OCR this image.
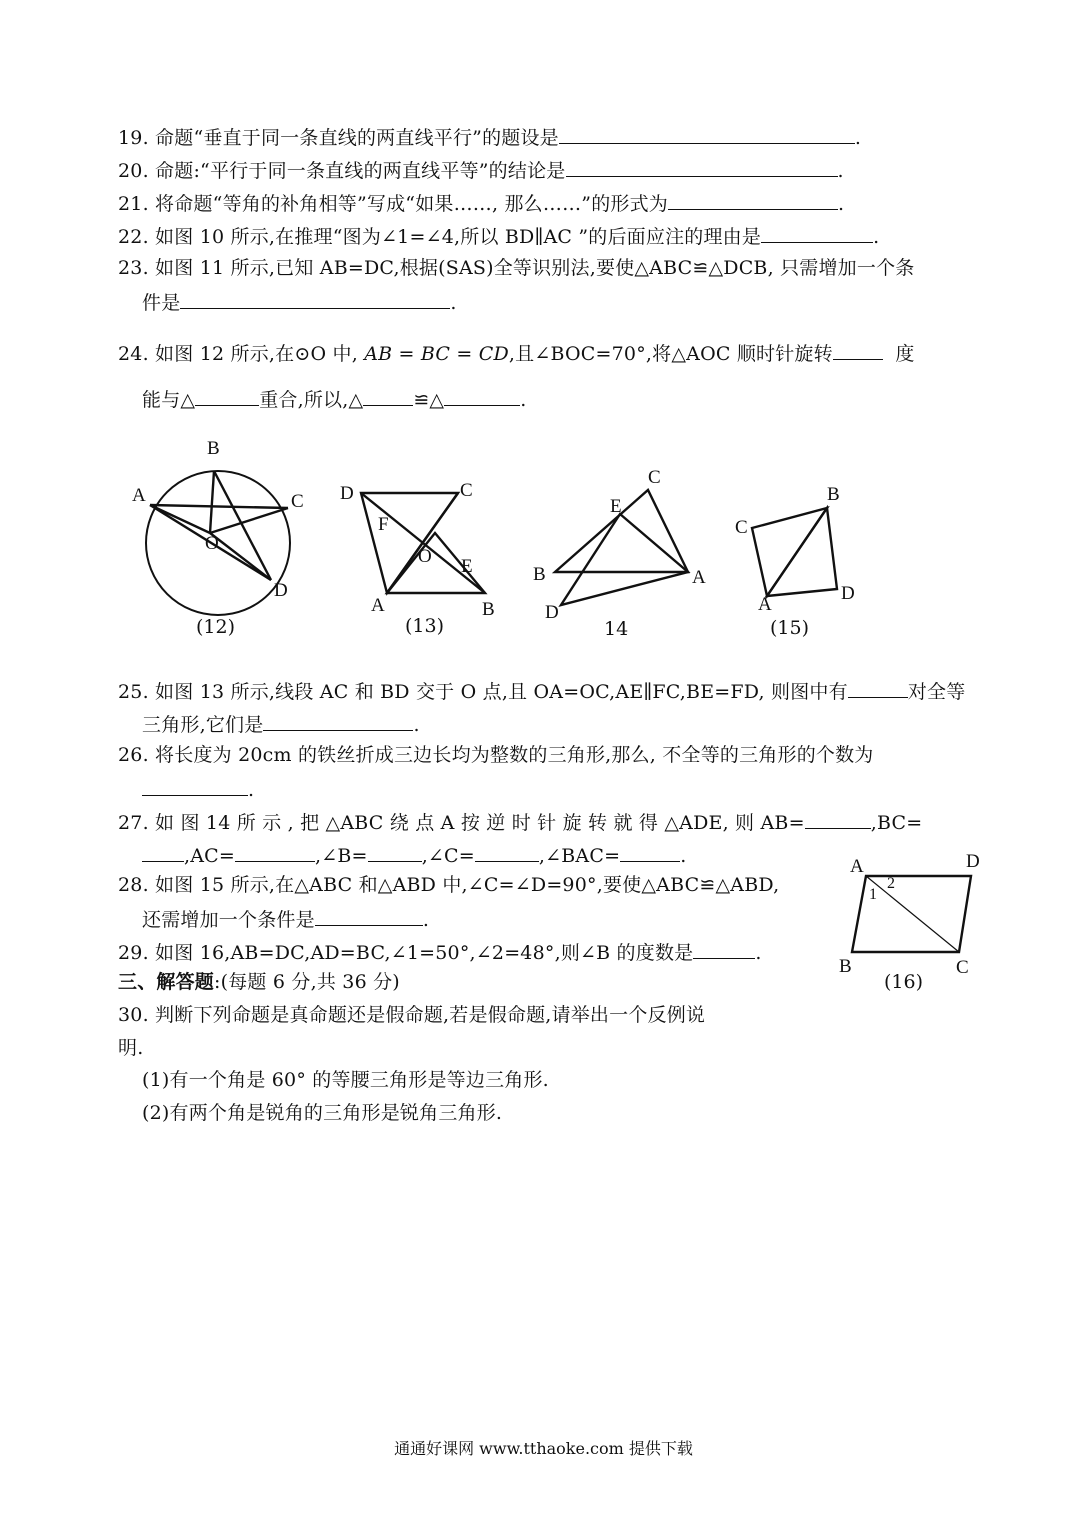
19. 命题“垂直于同一条直线的两直线平行”的题设是	.
20. 命题:“平行于同一条直线的两直线平等”的结论是	.
21. 将命题“等角的补角相等”写成“如果……, 那么……”的形式为	.
22. 如图 10 所示,在推理“图为∠1=∠4,所以 BD∥AC ”的后面应注的理由是	.
23. 如图 11 所示,已知 AB=DC,根据(SAS)全等识别法,要使△ABC≌△DCB, 只需增加一个条
件是	.
24. 如图 12 所示,在⊙O 中, AB = BC = CD,且∠BOC=70°,将△AOC 顺时针旋转	度
能与△	重合,所以,△	≌△	.
B
A	C
O
D
(12)
D	C
F
O E
A	B
(13)
C
E
B	A
D
14
C
B
A
D
(15)
25. 如图 13 所示,线段 AC 和 BD 交于 O 点,且 OA=OC,AE∥FC,BE=FD, 则图中有	对全等
三角形,它们是	.
26. 将长度为 20cm 的铁丝折成三边长均为整数的三角形,那么, 不全等的三角形的个数为
.
27. 如 图 14 所 示 , 把 △ABC 绕 点 A 按 逆 时 针 旋 转 就 得 △ADE, 则 AB=	,BC=
,AC=	,∠B=	,∠C=	,∠BAC=	.
28. 如图 15 所示,在△ABC 和△ABD 中,∠C=∠D=90°,要使△ABC≌△ABD,
还需增加一个条件是	.
29. 如图 16,AB=DC,AD=BC,∠1=50°,∠2=48°,则∠B 的度数是	.
A	D
1
2
B	C
(16)
三、解答题:(每题 6 分,共 36 分)
30. 判断下列命题是真命题还是假命题,若是假命题,请举出一个反例说
明.
(1)有一个角是 60° 的等腰三角形是等边三角形.
(2)有两个角是锐角的三角形是锐角三角形.
通通好课网 www.tthaoke.com 提供下载
